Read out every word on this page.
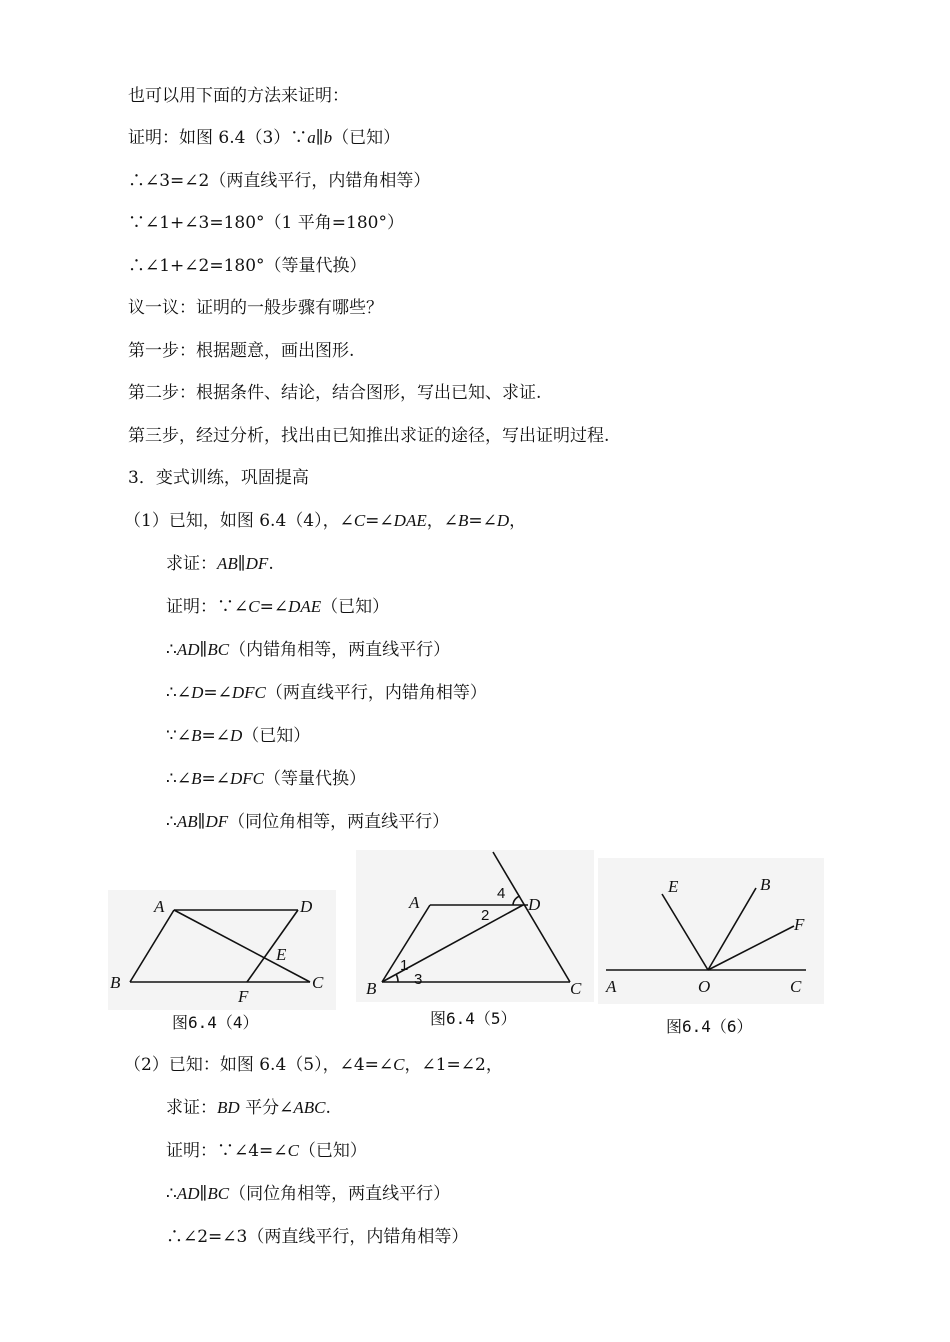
也可以用下面的方法来证明：
证明：如图 6.4（3）∵a∥b（已知）
∴∠3=∠2（两直线平行，内错角相等）
∵∠1+∠3=180°（1 平角=180°）
∴∠1+∠2=180°（等量代换）
议一议：证明的一般步骤有哪些？
第一步：根据题意，画出图形.
第二步：根据条件、结论，结合图形，写出已知、求证.
第三步，经过分析，找出由已知推出求证的途径，写出证明过程.
3．变式训练，巩固提高
（1）已知，如图 6.4（4），∠C=∠DAE，∠B=∠D，
求证：AB∥DF.
证明：∵∠C=∠DAE（已知）
∴AD∥BC（内错角相等，两直线平行）
∴∠D=∠DFC（两直线平行，内错角相等）
∵∠B=∠D（已知）
∴∠B=∠DFC（等量代换）
∴AB∥DF（同位角相等，两直线平行）
（2）已知：如图 6.4（5），∠4=∠C，∠1=∠2，
求证：BD 平分∠ABC.
证明：∵∠4=∠C（已知）
∴AD∥BC（同位角相等，两直线平行）
∴∠2=∠3（两直线平行，内错角相等）
A	D
B	C
E
F
图6.4（4）
A	D
B	C
1
2
3
4
图6.4（5）
E	B
F
A	O	C
图6.4（6）
